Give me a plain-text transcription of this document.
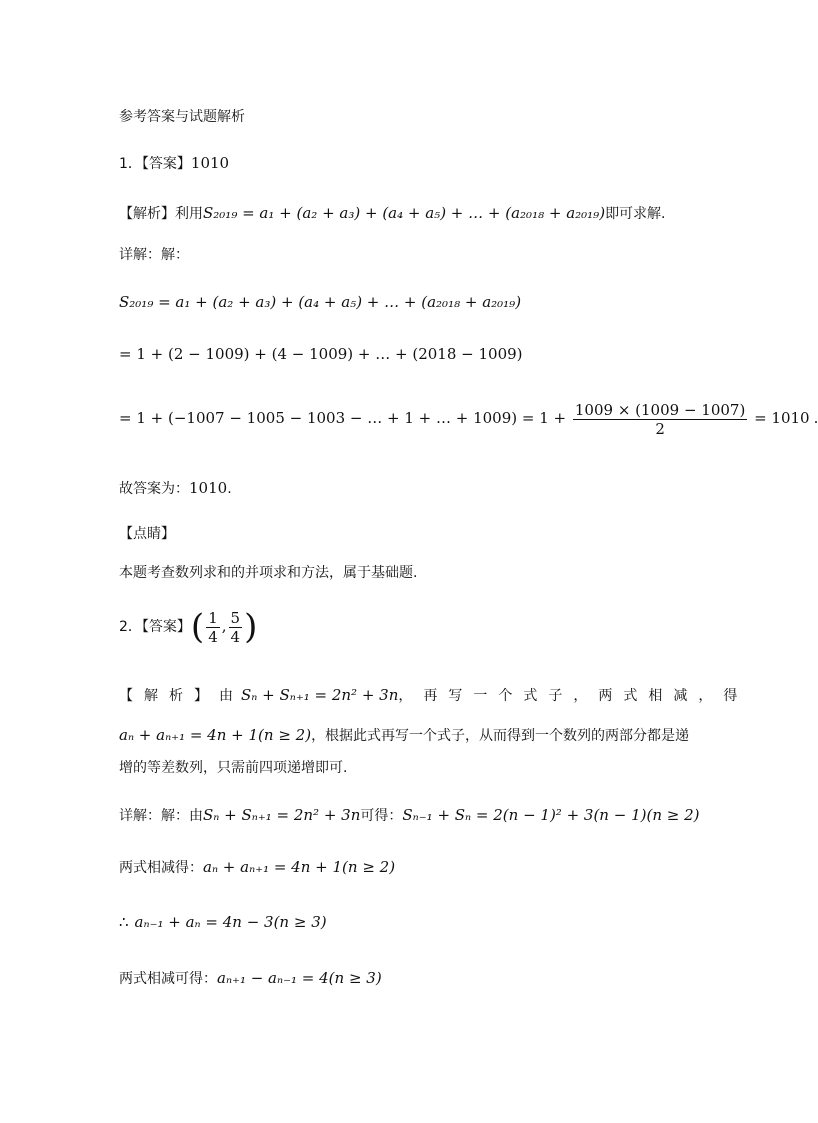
参考答案与试题解析
1．【答案】1010
【解析】利用S₂₀₁₉ = a₁ + (a₂ + a₃) + (a₄ + a₅) + … + (a₂₀₁₈ + a₂₀₁₉)即可求解.
详解：解：
S₂₀₁₉ = a₁ + (a₂ + a₃) + (a₄ + a₅) + … + (a₂₀₁₈ + a₂₀₁₉)
= 1 + (2 − 1009) + (4 − 1009) + … + (2018 − 1009)
= 1 + (−1007 − 1005 − 1003 − … + 1 + … + $1009) = 1 + \frac{1009 \times (1009 - 1007)}{2} = 1010$ .
故答案为：1010.
【点睛】
本题考查数列求和的并项求和方法，属于基础题.
2．【答案】( $\frac{1}{4}$ , $\frac{5}{4}$ )
【解析】由 Sₙ + Sₙ₊₁ = 2n² + 3n，再写一个式子，两式相减，得
aₙ + aₙ₊₁ = 4n + 1(n ≥ 2)，根据此式再写一个式子，从而得到一个数列的两部分都是递
增的等差数列，只需前四项递增即可.
详解：解：由Sₙ + Sₙ₊₁ = 2n² + 3n可得：Sₙ₋₁ + Sₙ = 2(n − 1)² + 3(n − 1)(n ≥ 2)
两式相减得：aₙ + aₙ₊₁ = 4n + 1(n ≥ 2)
∴ aₙ₋₁ + aₙ = 4n − 3(n ≥ 3)
两式相减可得：aₙ₊₁ − aₙ₋₁ = 4(n ≥ 3)
